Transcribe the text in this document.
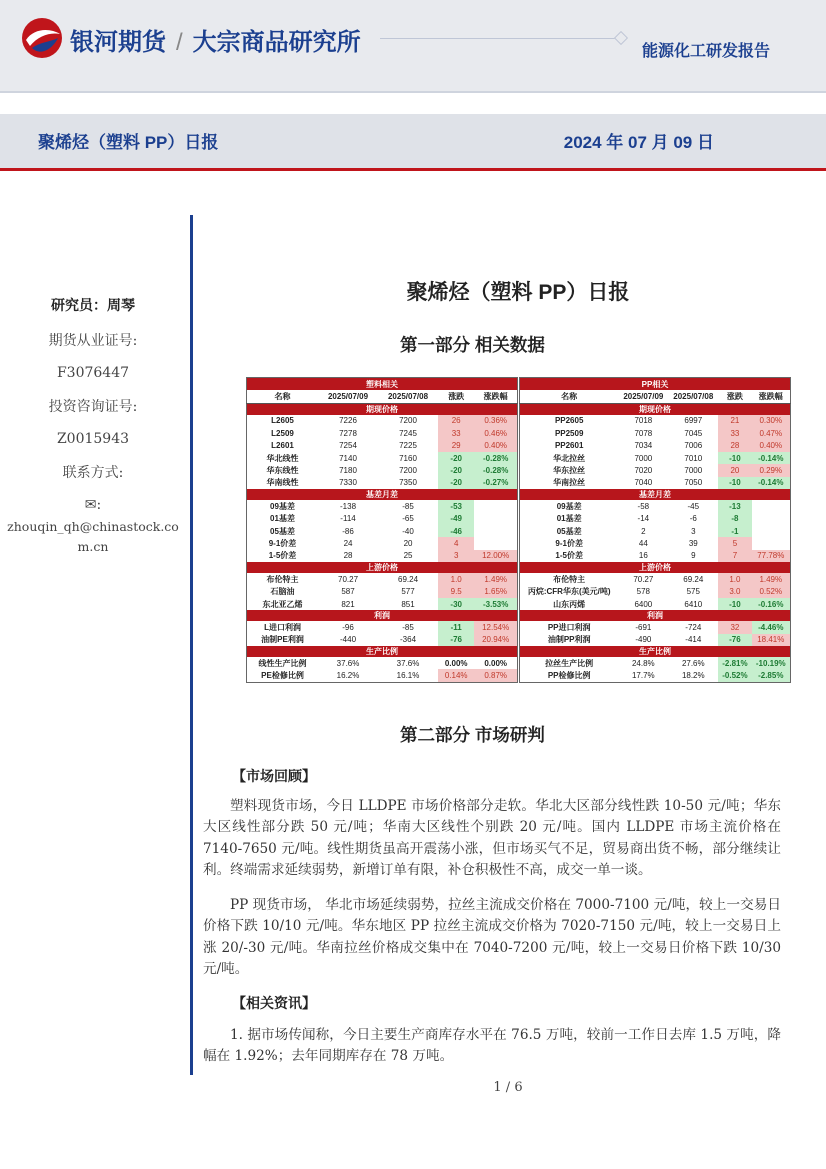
银河期货 / 大宗商品研究所	能源化工研发报告
聚烯烃（塑料 PP）日报	2024 年 07 月 09 日
研究员：周琴
期货从业证号:
F3076447
投资咨询证号:
Z0015943
联系方式:
✉:
zhouqin_qh@chinastock.com.cn
聚烯烃（塑料 PP）日报
第一部分 相关数据
塑料相关				
名称	2025/07/09	2025/07/08	涨跌	涨跌幅
期现价格				
L2605	7226	7200	26	0.36%
L2509	7278	7245	33	0.46%
L2601	7254	7225	29	0.40%
华北线性	7140	7160	-20	-0.28%
华东线性	7180	7200	-20	-0.28%
华南线性	7330	7350	-20	-0.27%
基差月差				
09基差	-138	-85	-53	
01基差	-114	-65	-49	
05基差	-86	-40	-46	
9-1价差	24	20	4	
1-5价差	28	25	3	12.00%
上游价格				
布伦特主	70.27	69.24	1.0	1.49%
石脑油	587	577	9.5	1.65%
东北亚乙烯	821	851	-30	-3.53%
利润				
L进口利润	-96	-85	-11	12.54%
油制PE利润	-440	-364	-76	20.94%
生产比例				
线性生产比例	37.6%	37.6%	0.00%	0.00%
PE检修比例	16.2%	16.1%	0.14%	0.87%
PP相关				
名称	2025/07/09	2025/07/08	涨跌	涨跌幅
期现价格				
PP2605	7018	6997	21	0.30%
PP2509	7078	7045	33	0.47%
PP2601	7034	7006	28	0.40%
华北拉丝	7000	7010	-10	-0.14%
华东拉丝	7020	7000	20	0.29%
华南拉丝	7040	7050	-10	-0.14%
基差月差				
09基差	-58	-45	-13	
01基差	-14	-6	-8	
05基差	2	3	-1	
9-1价差	44	39	5	
1-5价差	16	9	7	77.78%
上游价格				
布伦特主	70.27	69.24	1.0	1.49%
丙烷:CFR华东(美元/吨)	578	575	3.0	0.52%
山东丙烯	6400	6410	-10	-0.16%
利润				
PP进口利润	-691	-724	32	-4.46%
油制PP利润	-490	-414	-76	18.41%
生产比例				
拉丝生产比例	24.8%	27.6%	-2.81%	-10.19%
PP检修比例	17.7%	18.2%	-0.52%	-2.85%
第二部分 市场研判
【市场回顾】
塑料现货市场，今日 LLDPE 市场价格部分走软。华北大区部分线性跌 10-50 元/吨；华东大区线性部分跌 50 元/吨；华南大区线性个别跌 20 元/吨。国内 LLDPE 市场主流价格在 7140-7650 元/吨。线性期货虽高开震荡小涨，但市场买气不足，贸易商出货不畅，部分继续让利。终端需求延续弱势，新增订单有限，补仓积极性不高，成交一单一谈。
PP 现货市场， 华北市场延续弱势，拉丝主流成交价格在 7000-7100 元/吨，较上一交易日价格下跌 10/10 元/吨。华东地区 PP 拉丝主流成交价格为 7020-7150 元/吨，较上一交易日上涨 20/-30 元/吨。华南拉丝价格成交集中在 7040-7200 元/吨，较上一交易日价格下跌 10/30 元/吨。
【相关资讯】
1. 据市场传闻称，今日主要生产商库存水平在 76.5 万吨，较前一工作日去库 1.5 万吨，降幅在 1.92%；去年同期库存在 78 万吨。
1 / 6
